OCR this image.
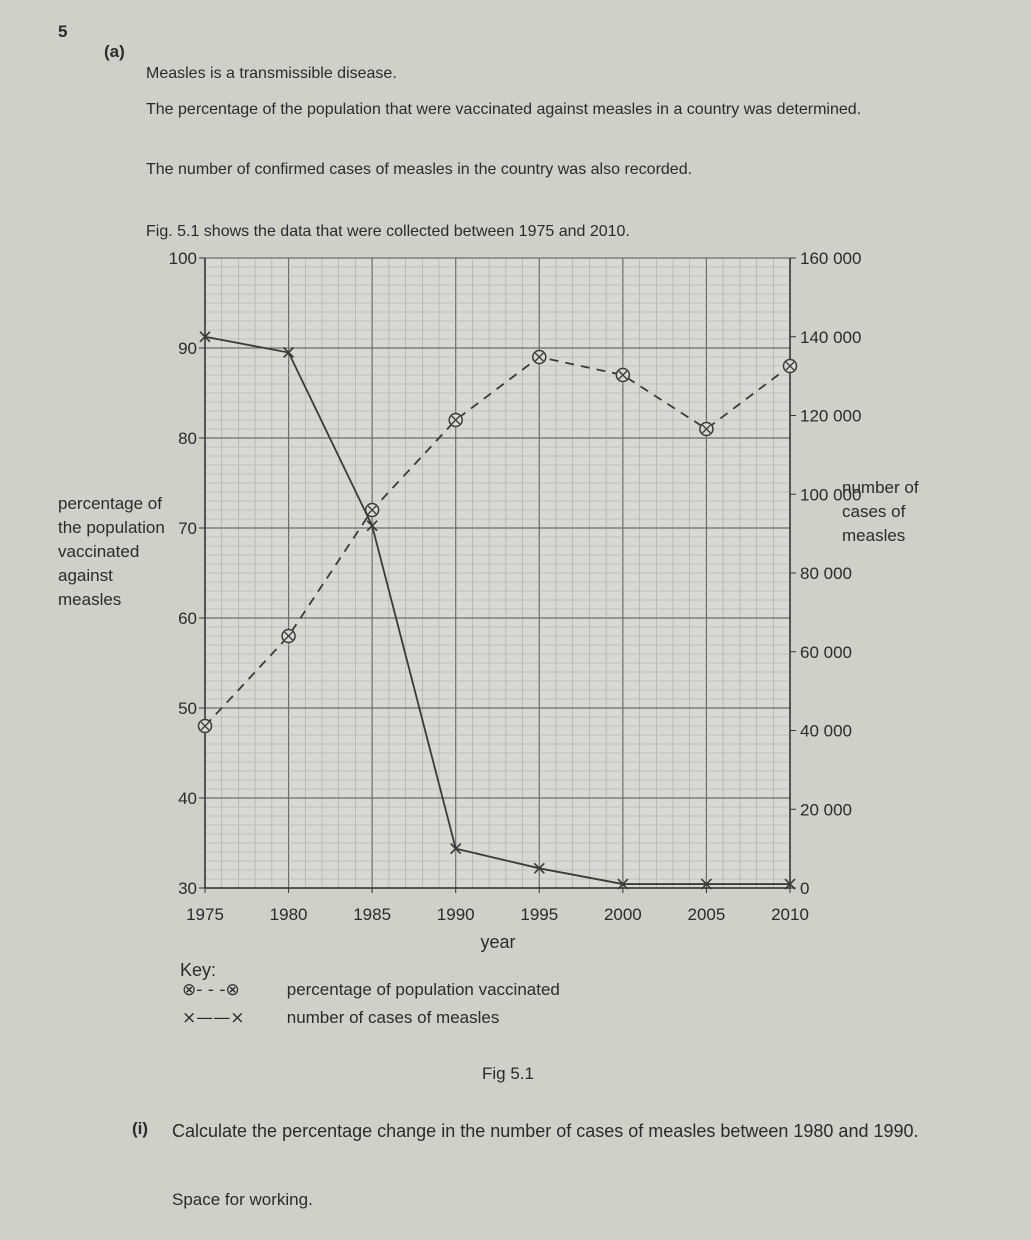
5
(a)
Measles is a transmissible disease.
The percentage of the population that were vaccinated against measles in a country was determined.
The number of confirmed cases of measles in the country was also recorded.
Fig. 5.1 shows the data that were collected between 1975 and 2010.
1975	1980	1985	1990	1995	2000	2005	2010
30
40
50
60
70
80
90
100
0
20 000
40 000
60 000
80 000
100 000
120 000
140 000
160 000
year
percentage of the population vaccinated against measles
number of cases of measles
Key:
⊗- - -⊗	percentage of population vaccinated
×——× number of cases of measles
Fig 5.1
(i) Calculate the percentage change in the number of cases of measles between 1980 and 1990.
Space for working.
